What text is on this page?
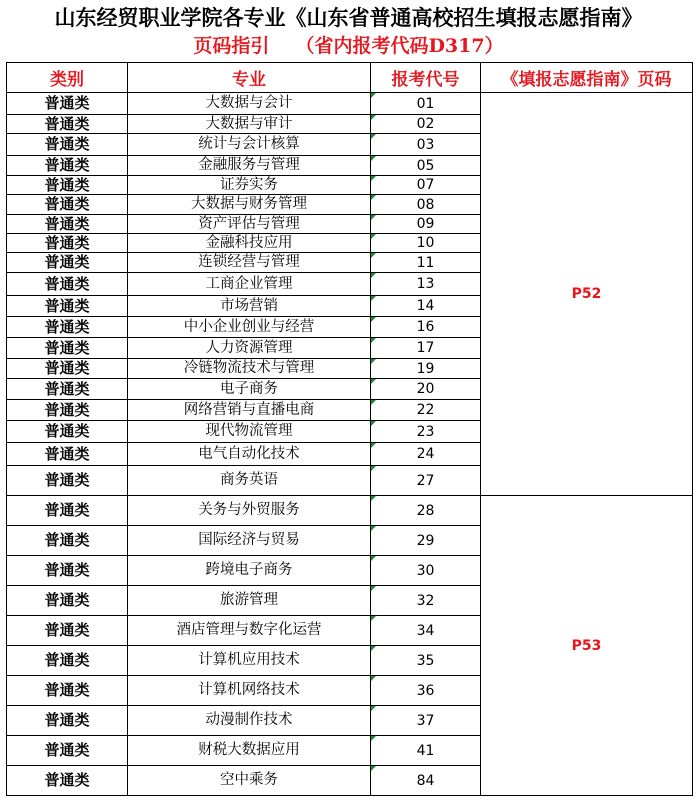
山东经贸职业学院各专业《山东省普通高校招生填报志愿指南》
页码指引 （省内报考代码D317）
类别	专业	报考代号	《填报志愿指南》页码
普通类	大数据与会计	01	P52
普通类	大数据与审计	02	
普通类	统计与会计核算	03	
普通类	金融服务与管理	05	
普通类	证券实务	07	
普通类	大数据与财务管理	08	
普通类	资产评估与管理	09	
普通类	金融科技应用	10	
普通类	连锁经营与管理	11	
普通类	工商企业管理	13	
普通类	市场营销	14	
普通类	中小企业创业与经营	16	
普通类	人力资源管理	17	
普通类	冷链物流技术与管理	19	
普通类	电子商务	20	
普通类	网络营销与直播电商	22	
普通类	现代物流管理	23	
普通类	电气自动化技术	24	
普通类	商务英语	27	
普通类	关务与外贸服务	28	P53
普通类	国际经济与贸易	29	
普通类	跨境电子商务	30	
普通类	旅游管理	32	
普通类	酒店管理与数字化运营	34	
普通类	计算机应用技术	35	
普通类	计算机网络技术	36	
普通类	动漫制作技术	37	
普通类	财税大数据应用	41	
普通类	空中乘务	84	
